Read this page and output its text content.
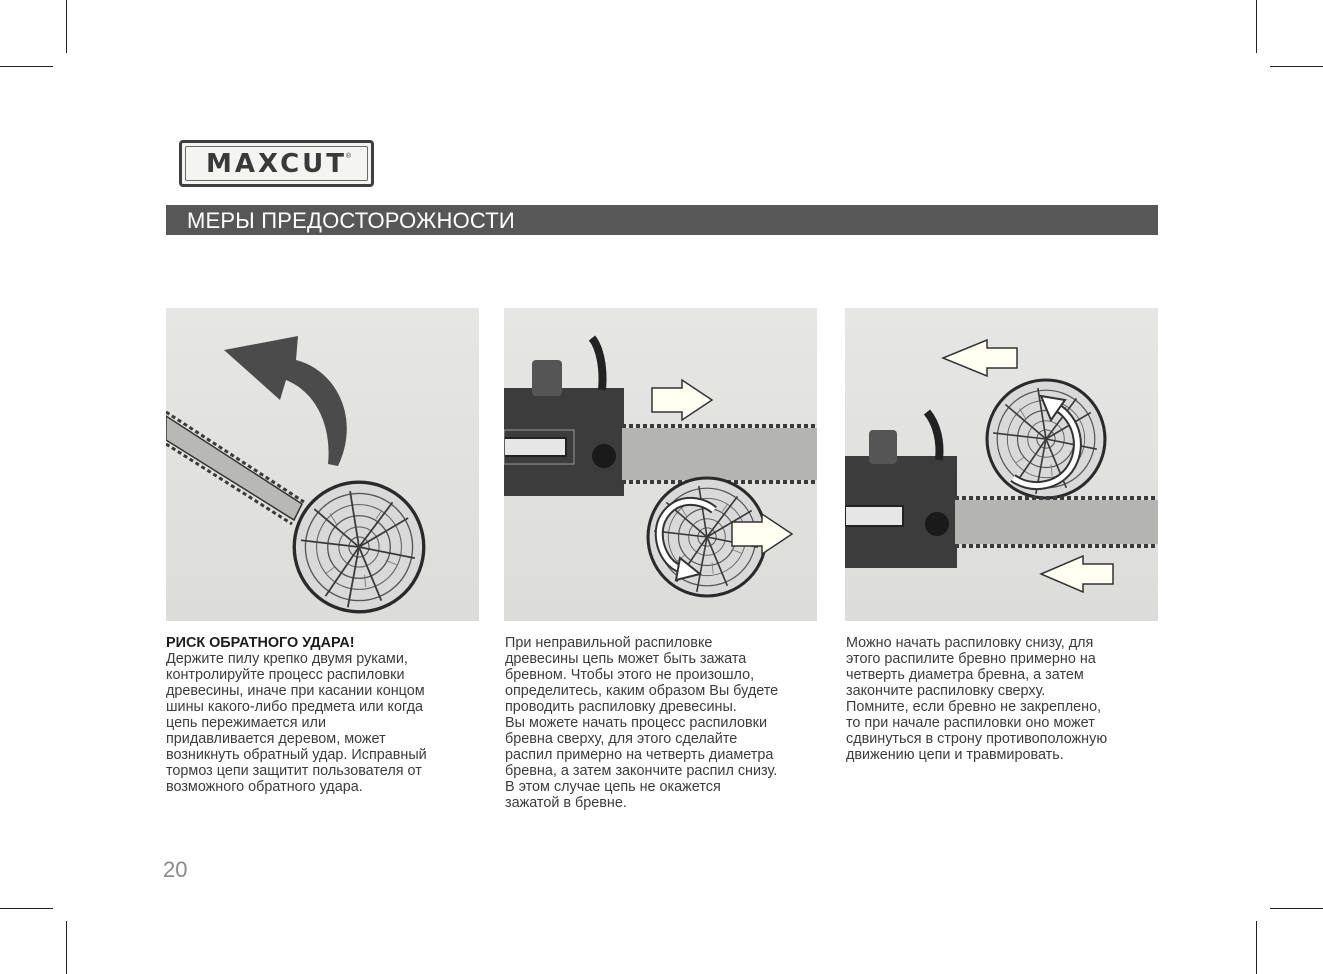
MAXCUT
®
МЕРЫ ПРЕДОСТОРОЖНОСТИ

РИСК ОБРАТНОГО УДАРА!

Держите пилу крепко двумя руками,

контролируйте процесс распиловки

древесины, иначе при касании концом

шины какого-либо предмета или когда

цепь пережимается или

придавливается деревом, может

возникнуть обратный удар. Исправный

тормоз цепи защитит пользователя от

возможного обратного удара.

При неправильной распиловке

древесины цепь может быть зажата

бревном. Чтобы этого не произошло,

определитесь, каким образом Вы будете

проводить распиловку древесины.

Вы можете начать процесс распиловки

бревна сверху, для этого сделайте

распил примерно на четверть диаметра

бревна, а затем закончите распил снизу.

В этом случае цепь не окажется

зажатой в бревне.

Можно начать распиловку снизу, для

этого распилите бревно примерно на

четверть диаметра бревна, а затем

закончите распиловку сверху.

Помните, если бревно не закреплено,

то при начале распиловки оно может

сдвинуться в строну противоположную

движению цепи и травмировать.

20
